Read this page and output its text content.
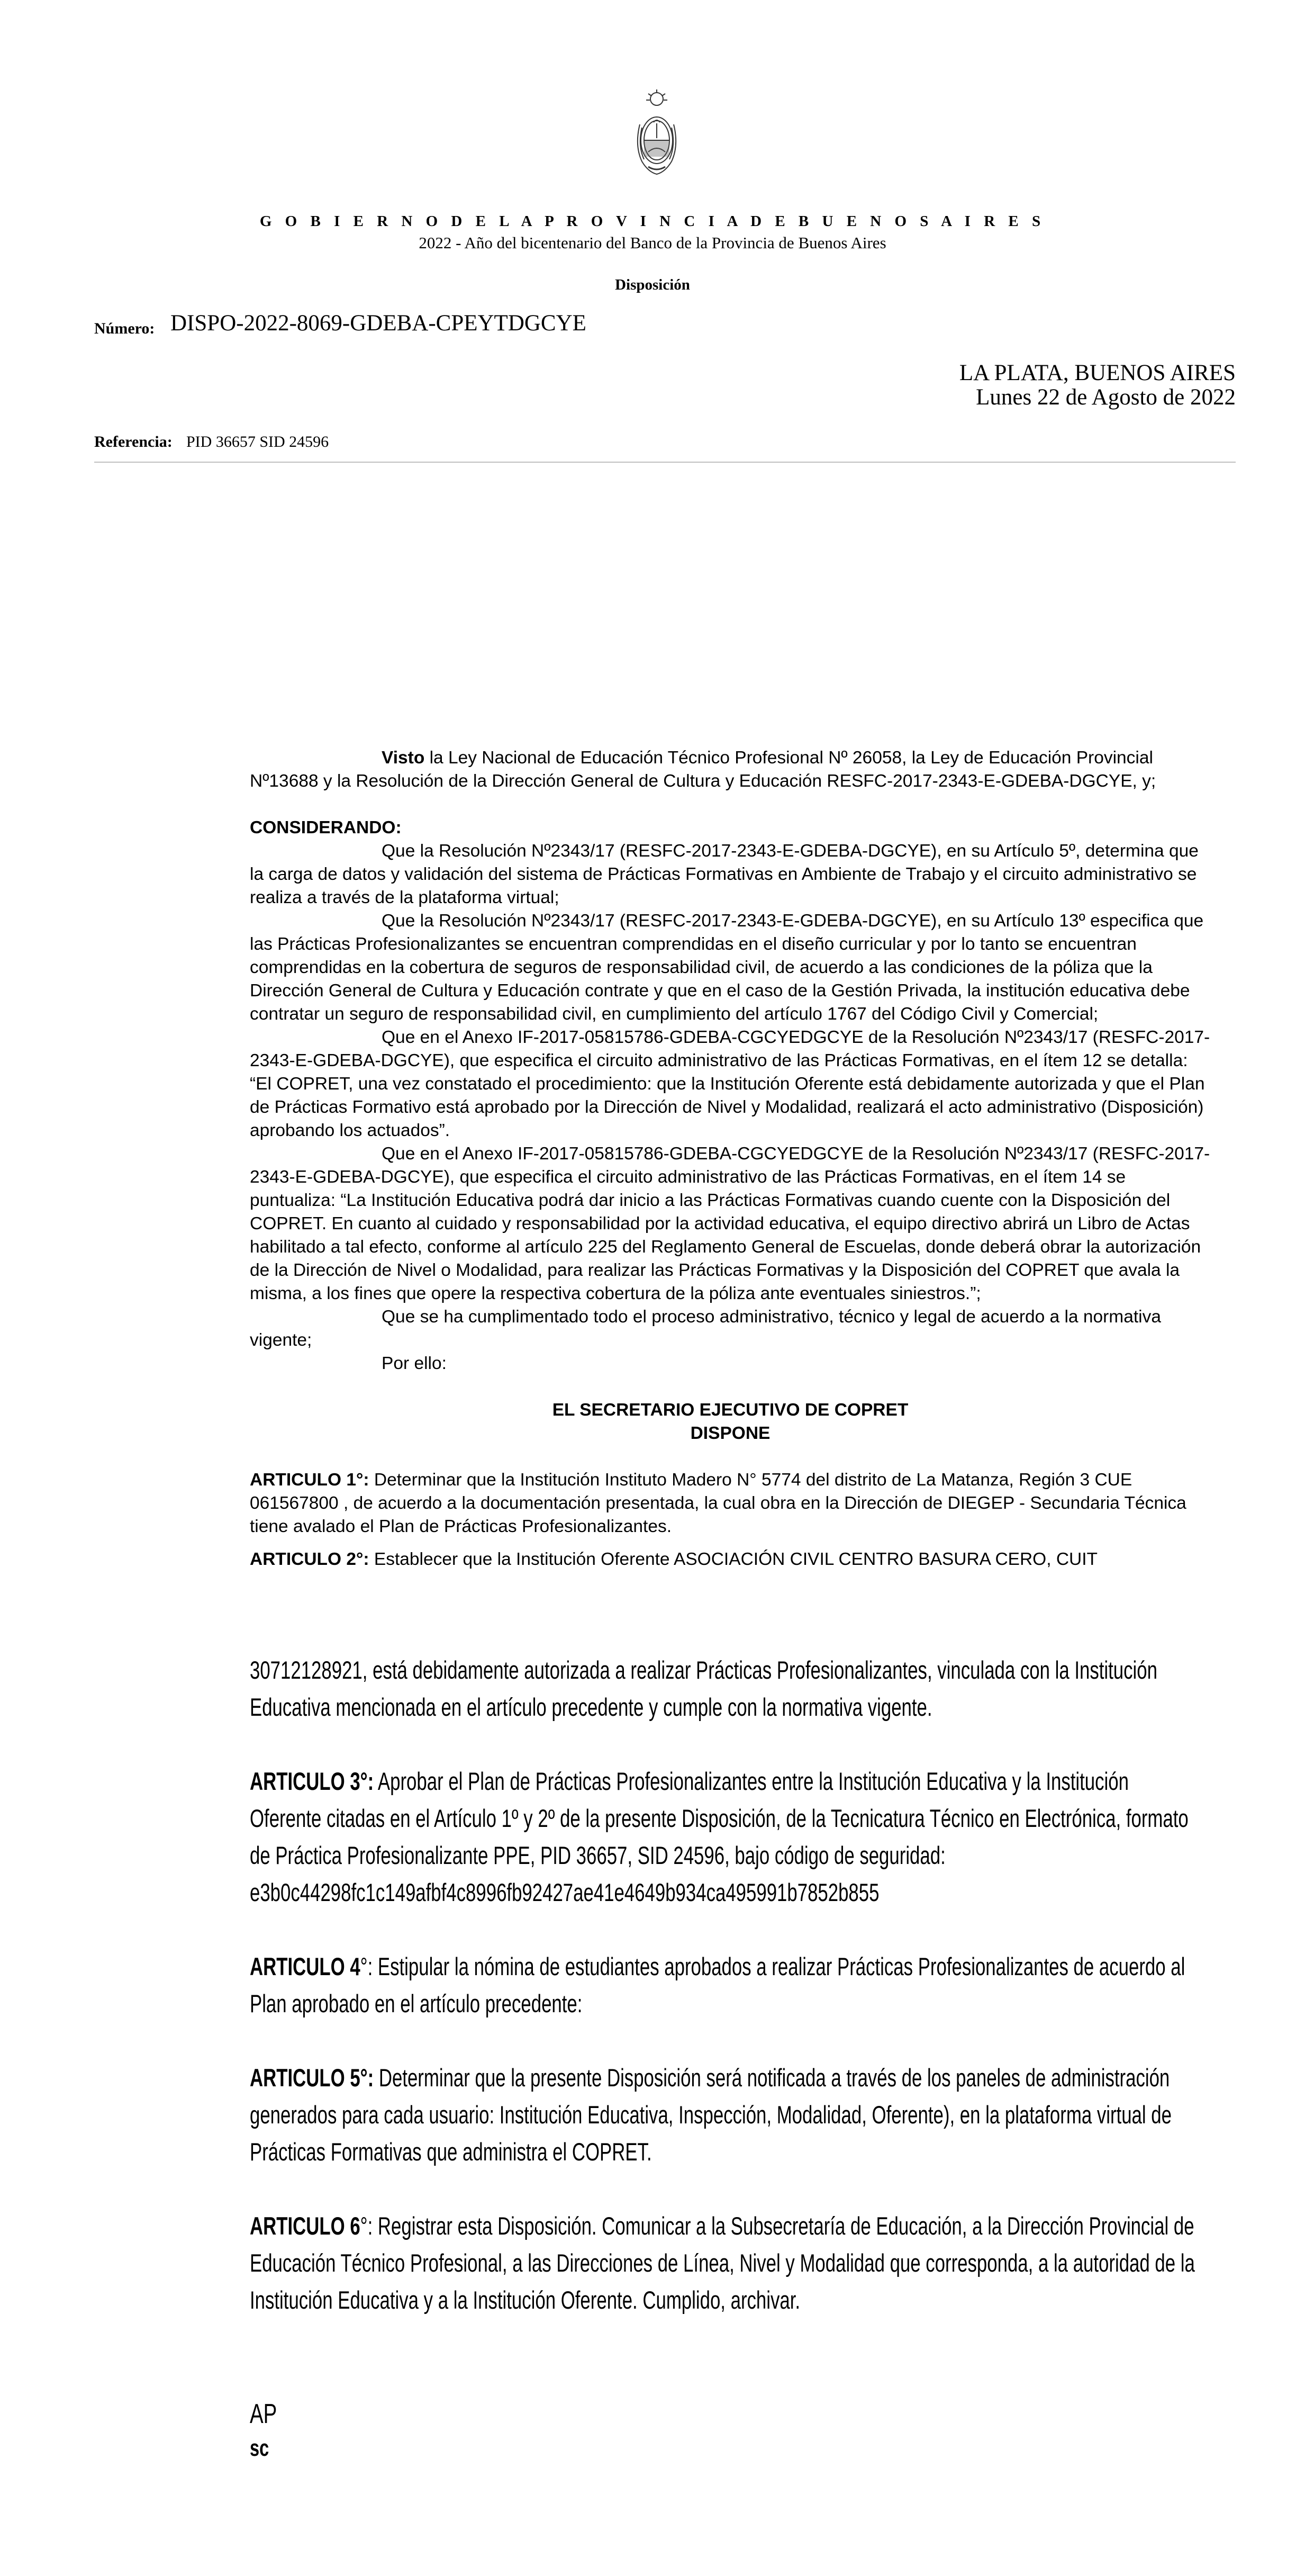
G O B I E R N O D E L A P R O V I N C I A D E B U E N O S A I R E S
2022 - Año del bicentenario del Banco de la Provincia de Buenos Aires
Disposición
Número: DISPO-2022-8069-GDEBA-CPEYTDGCYE
LA PLATA, BUENOS AIRES
Lunes 22 de Agosto de 2022
Referencia: PID 36657 SID 24596

Visto la Ley Nacional de Educación Técnico Profesional Nº 26058, la Ley de Educación Provincial Nº13688 y la Resolución de la Dirección General de Cultura y Educación RESFC-2017-2343-E-GDEBA-DGCYE, y;

CONSIDERANDO:

Que la Resolución Nº2343/17 (RESFC-2017-2343-E-GDEBA-DGCYE), en su Artículo 5º, determina que la carga de datos y validación del sistema de Prácticas Formativas en Ambiente de Trabajo y el circuito administrativo se realiza a través de la plataforma virtual;

Que la Resolución Nº2343/17 (RESFC-2017-2343-E-GDEBA-DGCYE), en su Artículo 13º especifica que las Prácticas Profesionalizantes se encuentran comprendidas en el diseño curricular y por lo tanto se encuentran comprendidas en la cobertura de seguros de responsabilidad civil, de acuerdo a las condiciones de la póliza que la Dirección General de Cultura y Educación contrate y que en el caso de la Gestión Privada, la institución educativa debe contratar un seguro de responsabilidad civil, en cumplimiento del artículo 1767 del Código Civil y Comercial;

Que en el Anexo IF-2017-05815786-GDEBA-CGCYEDGCYE de la Resolución Nº2343/17 (RESFC-2017-2343-E-GDEBA-DGCYE), que especifica el circuito administrativo de las Prácticas Formativas, en el ítem 12 se detalla: “El COPRET, una vez constatado el procedimiento: que la Institución Oferente está debidamente autorizada y que el Plan de Prácticas Formativo está aprobado por la Dirección de Nivel y Modalidad, realizará el acto administrativo (Disposición) aprobando los actuados”.

Que en el Anexo IF-2017-05815786-GDEBA-CGCYEDGCYE de la Resolución Nº2343/17 (RESFC-2017-2343-E-GDEBA-DGCYE), que especifica el circuito administrativo de las Prácticas Formativas, en el ítem 14 se puntualiza: “La Institución Educativa podrá dar inicio a las Prácticas Formativas cuando cuente con la Disposición del COPRET. En cuanto al cuidado y responsabilidad por la actividad educativa, el equipo directivo abrirá un Libro de Actas habilitado a tal efecto, conforme al artículo 225 del Reglamento General de Escuelas, donde deberá obrar la autorización de la Dirección de Nivel o Modalidad, para realizar las Prácticas Formativas y la Disposición del COPRET que avala la misma, a los fines que opere la respectiva cobertura de la póliza ante eventuales siniestros.”;

Que se ha cumplimentado todo el proceso administrativo, técnico y legal de acuerdo a la normativa vigente;

Por ello:

EL SECRETARIO EJECUTIVO DE COPRET
DISPONE

ARTICULO 1°: Determinar que la Institución Instituto Madero N° 5774 del distrito de La Matanza, Región 3 CUE 061567800 , de acuerdo a la documentación presentada, la cual obra en la Dirección de DIEGEP - Secundaria Técnica tiene avalado el Plan de Prácticas Profesionalizantes.

ARTICULO 2°: Establecer que la Institución Oferente ASOCIACIÓN CIVIL CENTRO BASURA CERO, CUIT

30712128921, está debidamente autorizada a realizar Prácticas Profesionalizantes, vinculada con la Institución
Educativa mencionada en el artículo precedente y cumple con la normativa vigente.
ARTICULO 3°: Aprobar el Plan de Prácticas Profesionalizantes entre la Institución Educativa y la Institución
Oferente citadas en el Artículo 1º y 2º de la presente Disposición, de la Tecnicatura Técnico en Electrónica, formato
de Práctica Profesionalizante PPE, PID 36657, SID 24596, bajo código de seguridad:
e3b0c44298fc1c149afbf4c8996fb92427ae41e4649b934ca495991b7852b855
ARTICULO 4°: Estipular la nómina de estudiantes aprobados a realizar Prácticas Profesionalizantes de acuerdo al
Plan aprobado en el artículo precedente:
ARTICULO 5°: Determinar que la presente Disposición será notificada a través de los paneles de administración
generados para cada usuario: Institución Educativa, Inspección, Modalidad, Oferente), en la plataforma virtual de
Prácticas Formativas que administra el COPRET.
ARTICULO 6°: Registrar esta Disposición. Comunicar a la Subsecretaría de Educación, a la Dirección Provincial de
Educación Técnico Profesional, a las Direcciones de Línea, Nivel y Modalidad que corresponda, a la autoridad de la
Institución Educativa y a la Institución Oferente. Cumplido, archivar.
AP
sc
